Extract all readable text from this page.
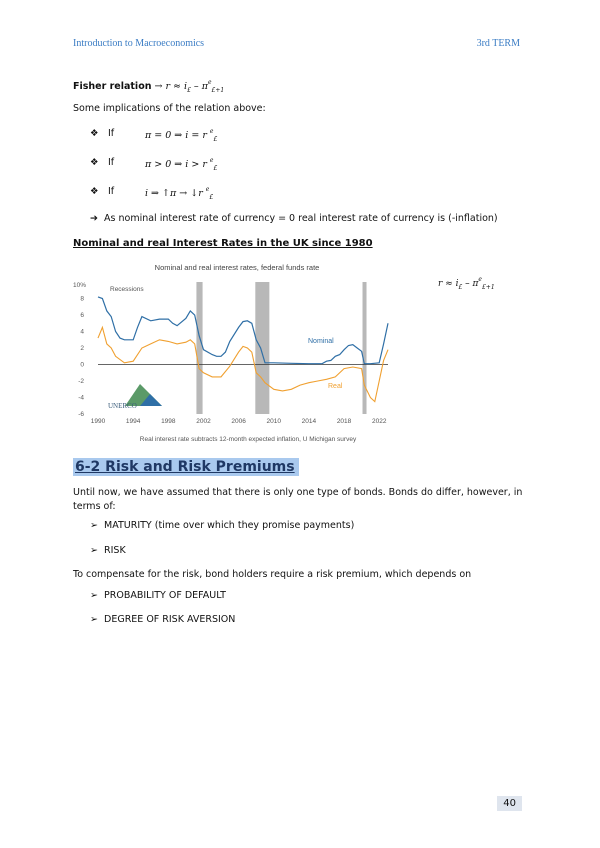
Introduction to Macroeconomics	3rd TERM
Fisher relation → $r \approx i_£ - \pi^e_{£+1}$
Some implications of the relation above:
❖ If	π = 0 ⇒ i = r $^e_£$
❖ If	π > 0 ⇒ i > r $^e_£$
❖ If	i ⇒ ↑π → ↓r $^e_£$
➔ As nominal interest rate of currency = 0 real interest rate of currency is (-inflation)
Nominal and real Interest Rates in the UK since 1980
Nominal and real interest rates, federal funds rate
10%
-6
-4
-2
0
2
4
6
8
1990	1994	1998	2002	2006	2010	2014	2018	2022
Recessions
Nominal
Real
UNERCO
Real interest rate subtracts 12-month expected inflation, U Michigan survey
$r \approx i_£ - \pi^e_{£+1}$
6-2 Risk and Risk Premiums
Until now, we have assumed that there is only one type of bonds. Bonds do differ, however, in terms of:
➢ MATURITY (time over which they promise payments)
➢ RISK
To compensate for the risk, bond holders require a risk premium, which depends on
➢ PROBABILITY OF DEFAULT
➢ DEGREE OF RISK AVERSION
40
